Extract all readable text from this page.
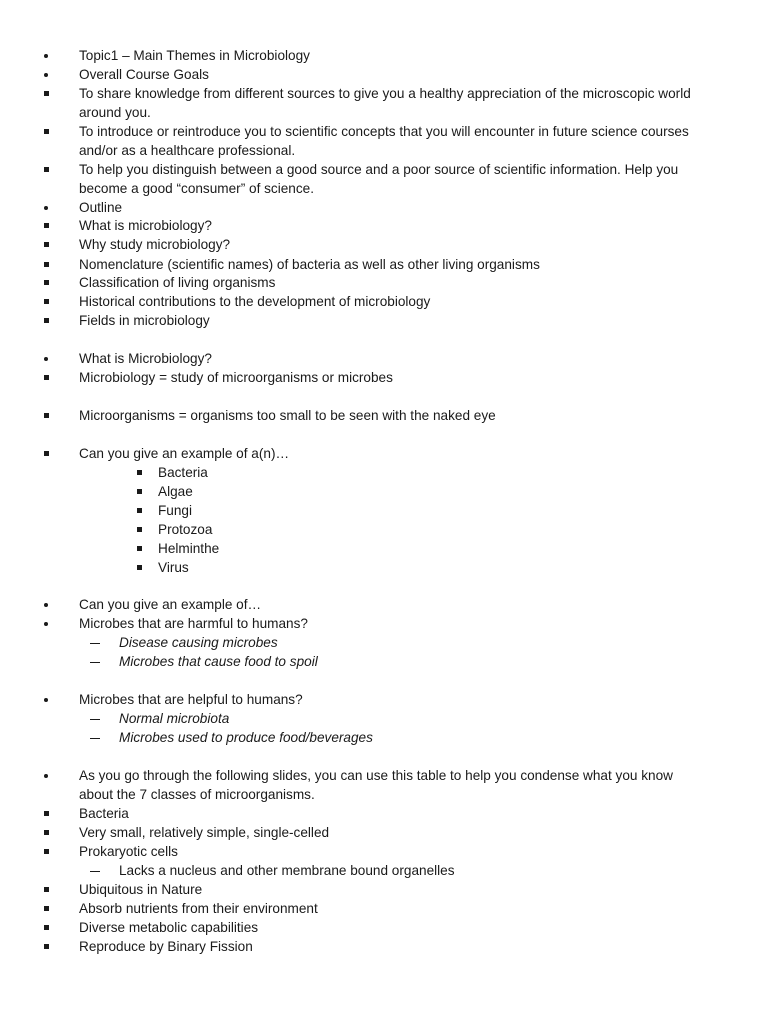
Topic1 – Main Themes in Microbiology
Overall Course Goals
To share knowledge from different sources to give you a healthy appreciation of the microscopic world
around you.
To introduce or reintroduce you to scientific concepts that you will encounter in future science courses
and/or as a healthcare professional.
To help you distinguish between a good source and a poor source of scientific information. Help you
become a good “consumer” of science.
Outline
What is microbiology?
Why study microbiology?
Nomenclature (scientific names) of bacteria as well as other living organisms
Classification of living organisms
Historical contributions to the development of microbiology
Fields in microbiology
What is Microbiology?
Microbiology = study of microorganisms or microbes
Microorganisms = organisms too small to be seen with the naked eye
Can you give an example of a(n)…
Bacteria
Algae
Fungi
Protozoa
Helminthe
Virus
Can you give an example of…
Microbes that are harmful to humans?
Disease causing microbes
Microbes that cause food to spoil
Microbes that are helpful to humans?
Normal microbiota
Microbes used to produce food/beverages
As you go through the following slides, you can use this table to help you condense what you know
about the 7 classes of microorganisms.
Bacteria
Very small, relatively simple, single-celled
Prokaryotic cells
Lacks a nucleus and other membrane bound organelles
Ubiquitous in Nature
Absorb nutrients from their environment
Diverse metabolic capabilities
Reproduce by Binary Fission
